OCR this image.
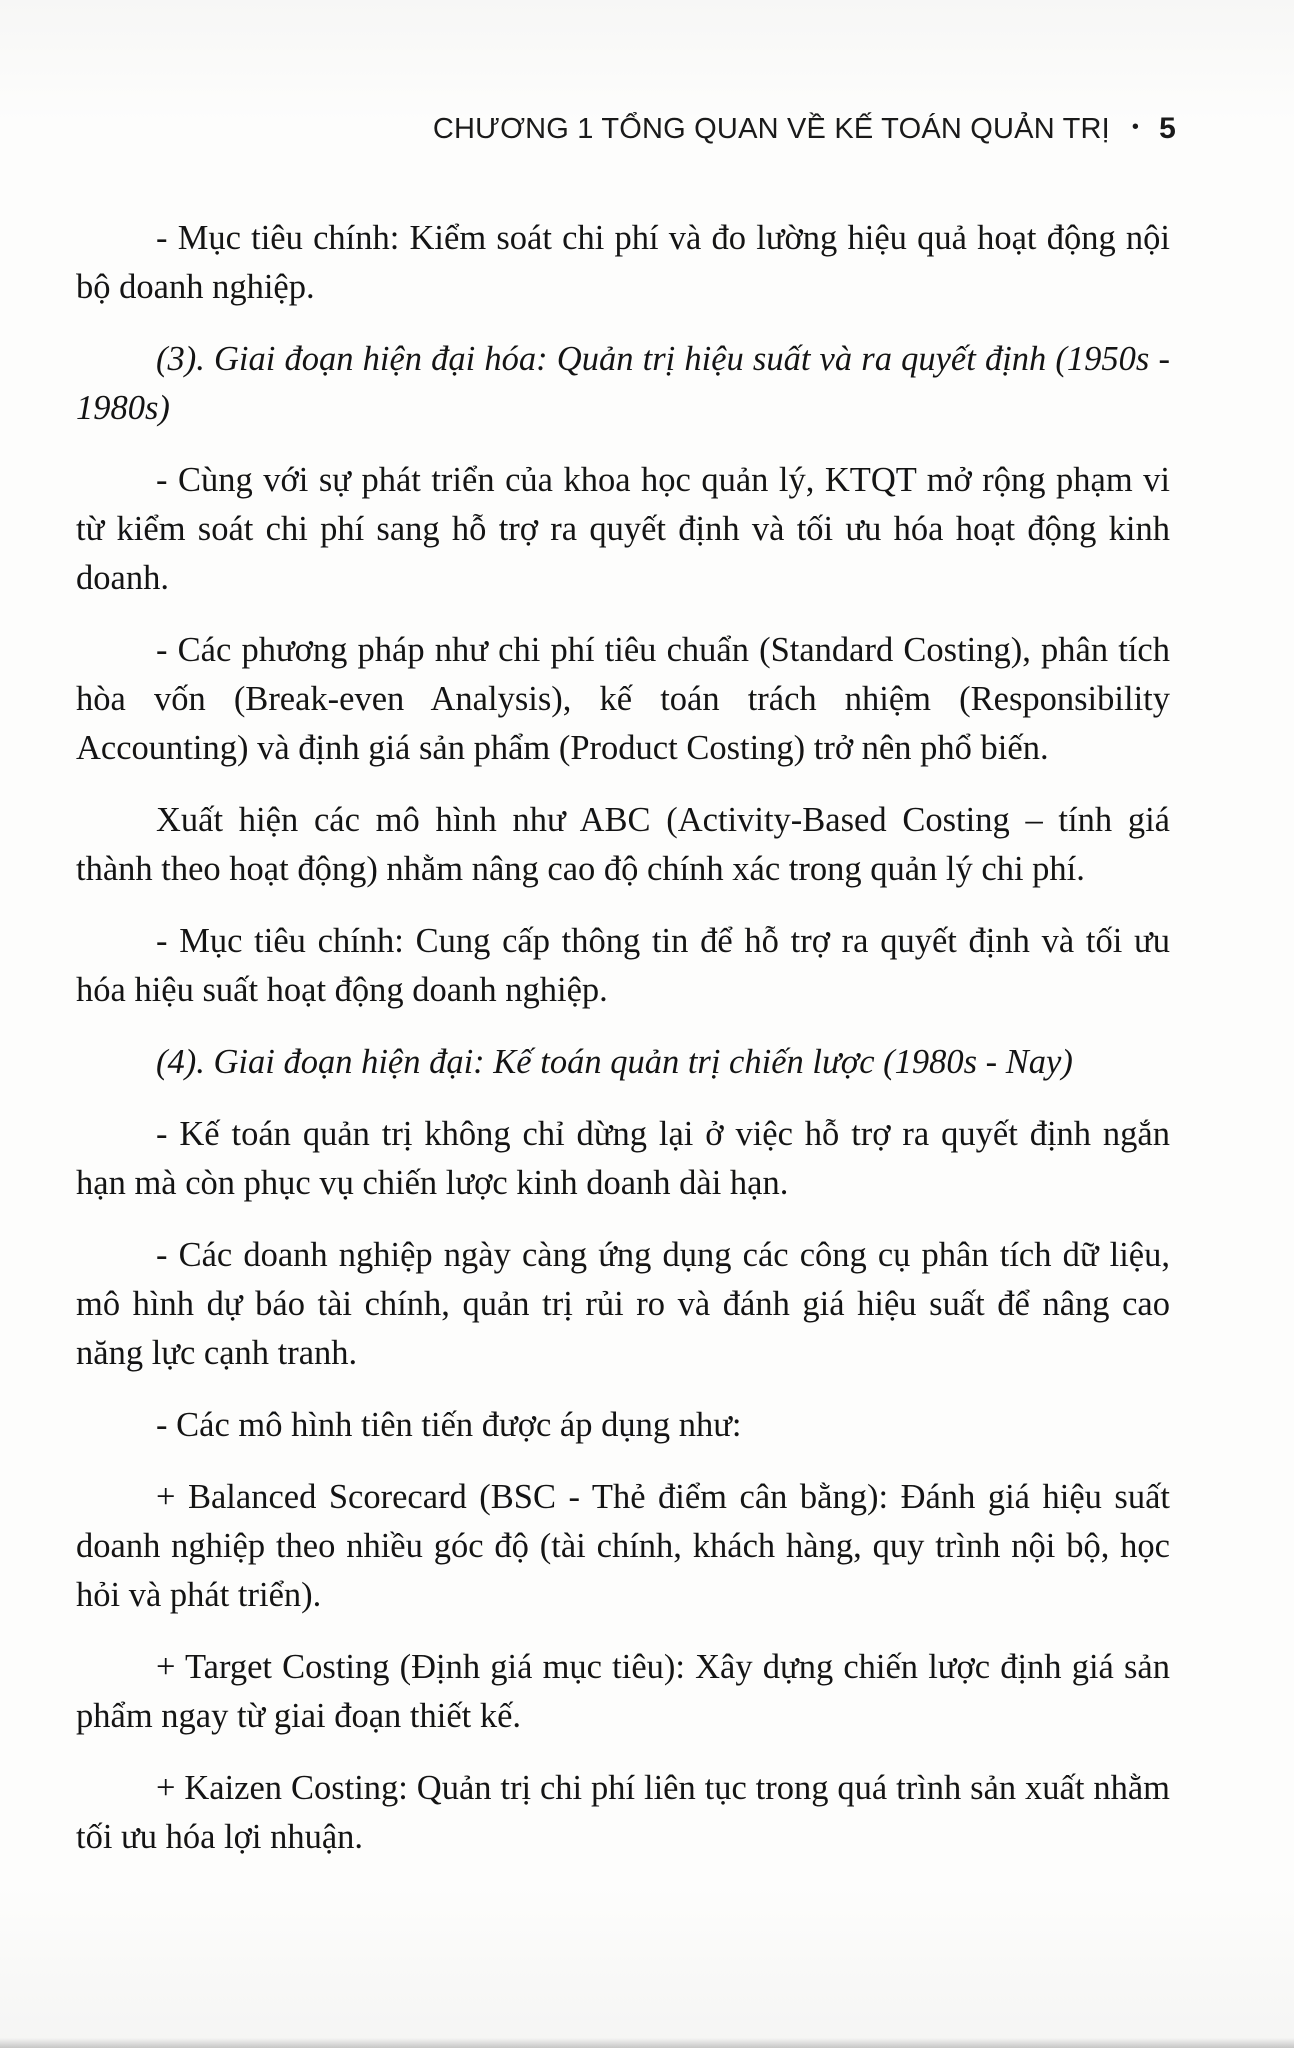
CHƯƠNG 1 TỔNG QUAN VỀ KẾ TOÁN QUẢN TRỊ • 5

- Mục tiêu chính: Kiểm soát chi phí và đo lường hiệu quả hoạt động nội bộ doanh nghiệp.

(3). Giai đoạn hiện đại hóa: Quản trị hiệu suất và ra quyết định (1950s - 1980s)

- Cùng với sự phát triển của khoa học quản lý, KTQT mở rộng phạm vi từ kiểm soát chi phí sang hỗ trợ ra quyết định và tối ưu hóa hoạt động kinh doanh.

- Các phương pháp như chi phí tiêu chuẩn (Standard Costing), phân tích hòa vốn (Break-even Analysis), kế toán trách nhiệm (Responsibility Accounting) và định giá sản phẩm (Product Costing) trở nên phổ biến.

Xuất hiện các mô hình như ABC (Activity-Based Costing – tính giá thành theo hoạt động) nhằm nâng cao độ chính xác trong quản lý chi phí.

- Mục tiêu chính: Cung cấp thông tin để hỗ trợ ra quyết định và tối ưu hóa hiệu suất hoạt động doanh nghiệp.

(4). Giai đoạn hiện đại: Kế toán quản trị chiến lược (1980s - Nay)

- Kế toán quản trị không chỉ dừng lại ở việc hỗ trợ ra quyết định ngắn hạn mà còn phục vụ chiến lược kinh doanh dài hạn.

- Các doanh nghiệp ngày càng ứng dụng các công cụ phân tích dữ liệu, mô hình dự báo tài chính, quản trị rủi ro và đánh giá hiệu suất để nâng cao năng lực cạnh tranh.

- Các mô hình tiên tiến được áp dụng như:

+ Balanced Scorecard (BSC - Thẻ điểm cân bằng): Đánh giá hiệu suất doanh nghiệp theo nhiều góc độ (tài chính, khách hàng, quy trình nội bộ, học hỏi và phát triển).

+ Target Costing (Định giá mục tiêu): Xây dựng chiến lược định giá sản phẩm ngay từ giai đoạn thiết kế.

+ Kaizen Costing: Quản trị chi phí liên tục trong quá trình sản xuất nhằm tối ưu hóa lợi nhuận.
